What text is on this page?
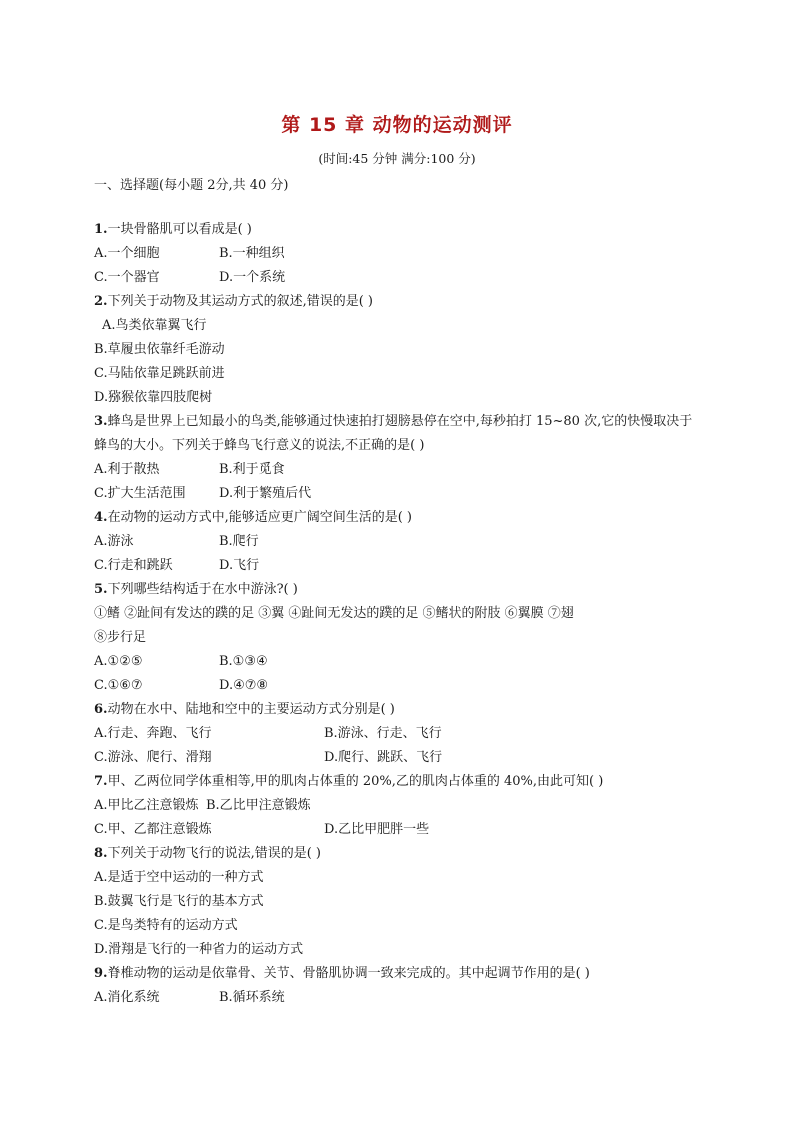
第 15 章 动物的运动测评
(时间:45 分钟 满分:100 分)
一、选择题(每小题 2分,共 40 分)

1.一块骨骼肌可以看成是( )

A.一个细胞	B.一种组织
C.一个器官	D.一个系统

2.下列关于动物及其运动方式的叙述,错误的是( )

A.鸟类依靠翼飞行

B.草履虫依靠纤毛游动

C.马陆依靠足跳跃前进

D.猕猴依靠四肢爬树

3.蜂鸟是世界上已知最小的鸟类,能够通过快速拍打翅膀悬停在空中,每秒拍打 15~80 次,它的快慢取决于蜂鸟的大小。下列关于蜂鸟飞行意义的说法,不正确的是( )

A.利于散热	B.利于觅食
C.扩大生活范围	D.利于繁殖后代

4.在动物的运动方式中,能够适应更广阔空间生活的是( )

A.游泳	B.爬行
C.行走和跳跃	D.飞行

5.下列哪些结构适于在水中游泳?( )

①鳍 ②趾间有发达的蹼的足 ③翼 ④趾间无发达的蹼的足 ⑤鳍状的附肢 ⑥翼膜 ⑦翅

⑧步行足

A.①②⑤	B.①③④
C.①⑥⑦	D.④⑦⑧

6.动物在水中、陆地和空中的主要运动方式分别是( )

A.行走、奔跑、飞行	B.游泳、行走、飞行
C.游泳、爬行、滑翔	D.爬行、跳跃、飞行

7.甲、乙两位同学体重相等,甲的肌肉占体重的 20%,乙的肌肉占体重的 40%,由此可知( )

A.甲比乙注意锻炼 B.乙比甲注意锻炼
C.甲、乙都注意锻炼	D.乙比甲肥胖一些

8.下列关于动物飞行的说法,错误的是( )

A.是适于空中运动的一种方式

B.鼓翼飞行是飞行的基本方式

C.是鸟类特有的运动方式

D.滑翔是飞行的一种省力的运动方式

9.脊椎动物的运动是依靠骨、关节、骨骼肌协调一致来完成的。其中起调节作用的是( )

A.消化系统	B.循环系统
